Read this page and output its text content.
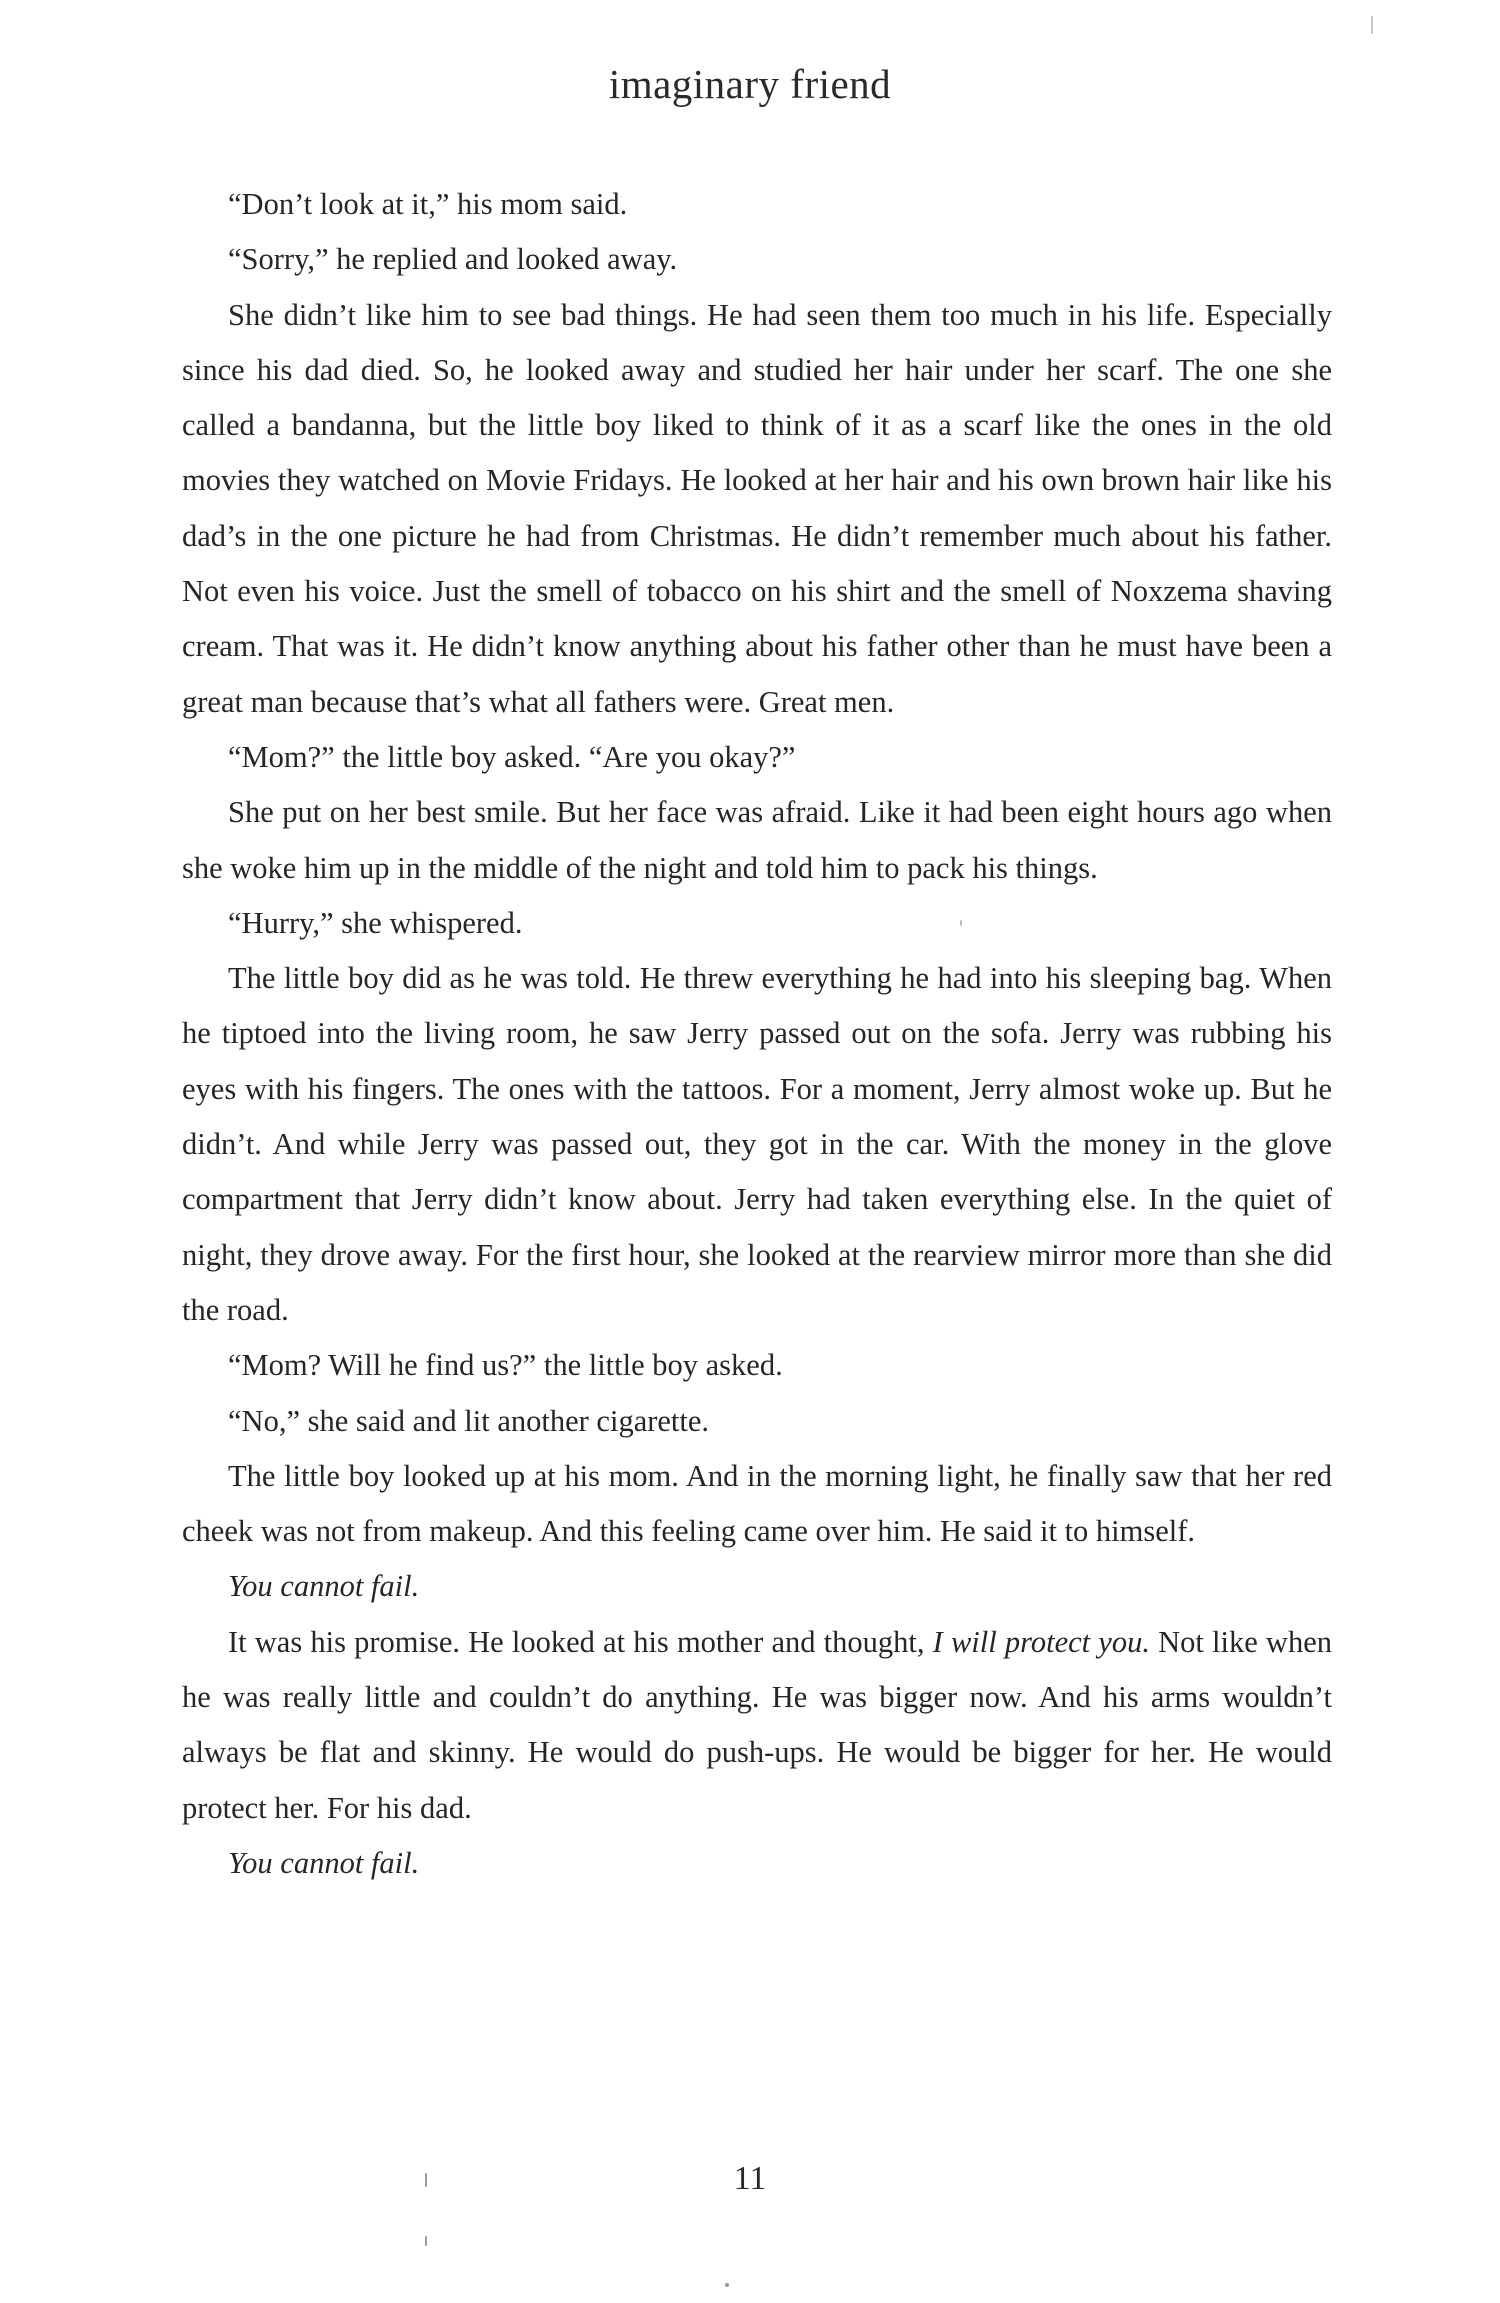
imaginary friend

“Don’t look at it,” his mom said.

“Sorry,” he replied and looked away.

She didn’t like him to see bad things. He had seen them too much in his life. Especially since his dad died. So, he looked away and studied her hair under her scarf. The one she called a bandanna, but the little boy liked to think of it as a scarf like the ones in the old movies they watched on Movie Fridays. He looked at her hair and his own brown hair like his dad’s in the one picture he had from Christmas. He didn’t remember much about his father. Not even his voice. Just the smell of tobacco on his shirt and the smell of Noxzema shaving cream. That was it. He didn’t know anything about his father other than he must have been a great man because that’s what all fathers were. Great men.

“Mom?” the little boy asked. “Are you okay?”

She put on her best smile. But her face was afraid. Like it had been eight hours ago when she woke him up in the middle of the night and told him to pack his things.

“Hurry,” she whispered.

The little boy did as he was told. He threw everything he had into his sleeping bag. When he tiptoed into the living room, he saw Jerry passed out on the sofa. Jerry was rubbing his eyes with his fingers. The ones with the tattoos. For a moment, Jerry almost woke up. But he didn’t. And while Jerry was passed out, they got in the car. With the money in the glove compartment that Jerry didn’t know about. Jerry had taken everything else. In the quiet of night, they drove away. For the first hour, she looked at the rearview mirror more than she did the road.

“Mom? Will he find us?” the little boy asked.

“No,” she said and lit another cigarette.

The little boy looked up at his mom. And in the morning light, he finally saw that her red cheek was not from makeup. And this feeling came over him. He said it to himself.

You cannot fail.

It was his promise. He looked at his mother and thought, I will protect you. Not like when he was really little and couldn’t do anything. He was bigger now. And his arms wouldn’t always be flat and skinny. He would do push-ups. He would be bigger for her. He would protect her. For his dad.

You cannot fail.

11
